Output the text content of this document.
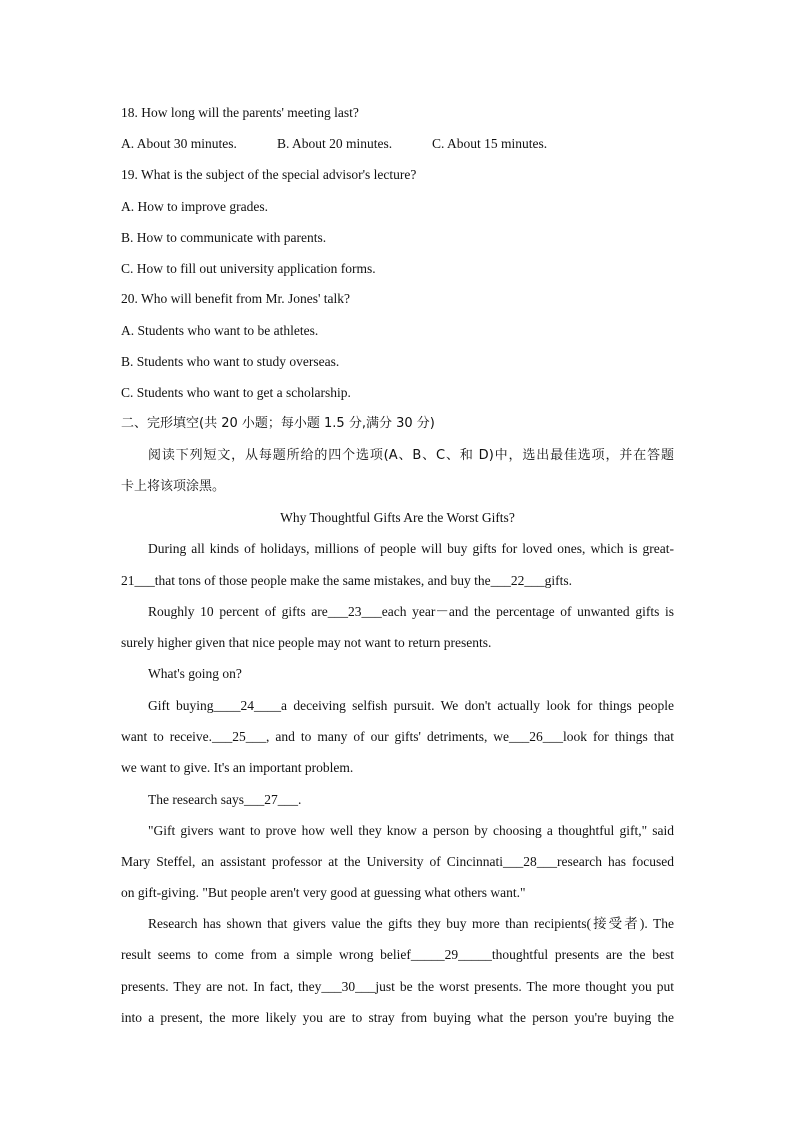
18. How long will the parents' meeting last?
A. About 30 minutes.	B. About 20 minutes.	C. About 15 minutes.
19. What is the subject of the special advisor's lecture?
A. How to improve grades.
B. How to communicate with parents.
C. How to fill out university application forms.
20. Who will benefit from Mr. Jones' talk?
A. Students who want to be athletes.
B. Students who want to study overseas.
C. Students who want to get a scholarship.
二、完形填空(共 20 小题；每小题 1.5 分,满分 30 分)
阅读下列短文，从每题所给的四个选项(A、B、C、和 D)中，选出最佳选项，并在答题
卡上将该项涂黑。
Why Thoughtful Gifts Are the Worst Gifts?
During all kinds of holidays, millions of people will buy gifts for loved ones, which is great-
21___that tons of those people make the same mistakes, and buy the___22___gifts.
Roughly 10 percent of gifts are___23___each year－and the percentage of unwanted gifts is
surely higher given that nice people may not want to return presents.
What's going on?
Gift buying____24____a deceiving selfish pursuit. We don't actually look for things people
want to receive.___25___, and to many of our gifts' detriments, we___26___look for things that
we want to give. It's an important problem.
The research says___27___.
"Gift givers want to prove how well they know a person by choosing a thoughtful gift," said
Mary Steffel, an assistant professor at the University of Cincinnati___28___research has focused
on gift-giving. "But people aren't very good at guessing what others want."
Research has shown that givers value the gifts they buy more than recipients(接受者). The
result seems to come from a simple wrong belief_____29_____thoughtful presents are the best
presents. They are not. In fact, they___30___just be the worst presents. The more thought you put
into a present, the more likely you are to stray from buying what the person you're buying the
